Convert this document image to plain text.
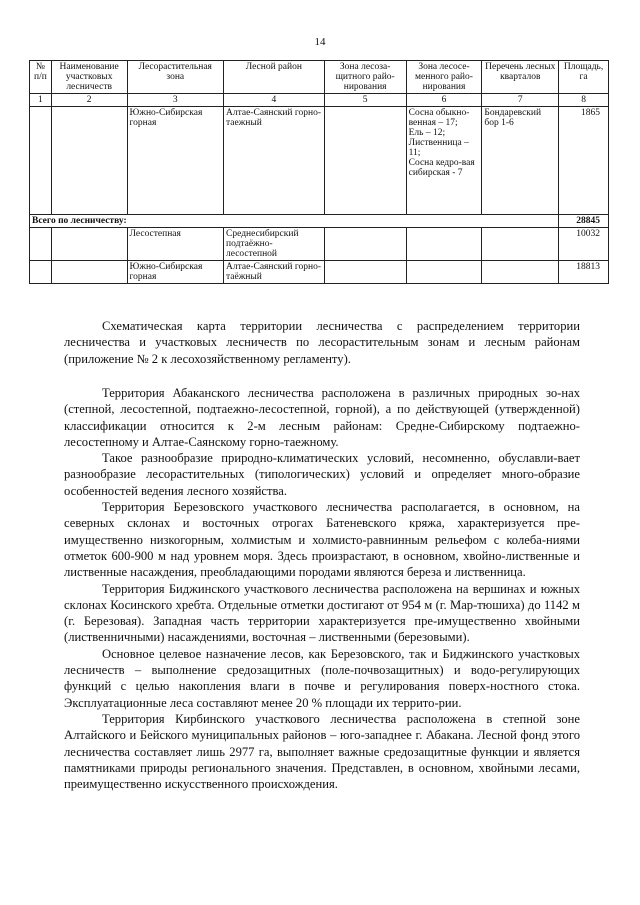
14
№ п/п	Наименование участковых лесничеств	Лесорастительная зона	Лесной район	Зона лесоза-щитного райо-нирования	Зона лесосе-менного райо-нирования	Перечень лесных кварталов	Площадь, га
1	2	3	4	5	6	7	8
		Южно-Сибирская горная	Алтае-Саянский горно-таежный		Сосна обыкно-венная – 17;
Ель – 12;
Лиственница – 11;
Сосна кедро-вая сибирская - 7	Бондаревский бор 1-6	1865
Всего по лесничеству:							28845
		Лесостепная	Среднесибирский подтаёжно-лесостепной				10032
		Южно-Сибирская горная	Алтае-Саянский горно-таёжный				18813

Схематическая карта территории лесничества с распределением территории лесничества и участковых лесничеств по лесорастительным зонам и лесным районам (приложение № 2 к лесохозяйственному регламенту).

Территория Абаканского лесничества расположена в различных природных зо-нах (степной, лесостепной, подтаежно-лесостепной, горной), а по действующей (утвержденной) классификации относится к 2-м лесным районам: Средне-Сибирскому подтаежно-лесостепному и Алтае-Саянскому горно-таежному.

Такое разнообразие природно-климатических условий, несомненно, обуславли-вает разнообразие лесорастительных (типологических) условий и определяет много-образие особенностей ведения лесного хозяйства.

Территория Березовского участкового лесничества располагается, в основном, на северных склонах и восточных отрогах Батеневского кряжа, характеризуется пре-имущественно низкогорным, холмистым и холмисто-равнинным рельефом с колеба-ниями отметок 600-900 м над уровнем моря. Здесь произрастают, в основном, хвойно-лиственные и лиственные насаждения, преобладающими породами являются береза и лиственница.

Территория Биджинского участкового лесничества расположена на вершинах и южных склонах Косинского хребта. Отдельные отметки достигают от 954 м (г. Мар-тюшиха) до 1142 м (г. Березовая). Западная часть территории характеризуется пре-имущественно хвойными (лиственничными) насаждениями, восточная – лиственными (березовыми).

Основное целевое назначение лесов, как Березовского, так и Биджинского участковых лесничеств – выполнение средозащитных (поле-почвозащитных) и водо-регулирующих функций с целью накопления влаги в почве и регулирования поверх-ностного стока. Эксплуатационные леса составляют менее 20 % площади их террито-рии.

Территория Кирбинского участкового лесничества расположена в степной зоне Алтайского и Бейского муниципальных районов – юго-западнее г. Абакана. Лесной фонд этого лесничества составляет лишь 2977 га, выполняет важные средозащитные функции и является памятниками природы регионального значения. Представлен, в основном, хвойными лесами, преимущественно искусственного происхождения.
